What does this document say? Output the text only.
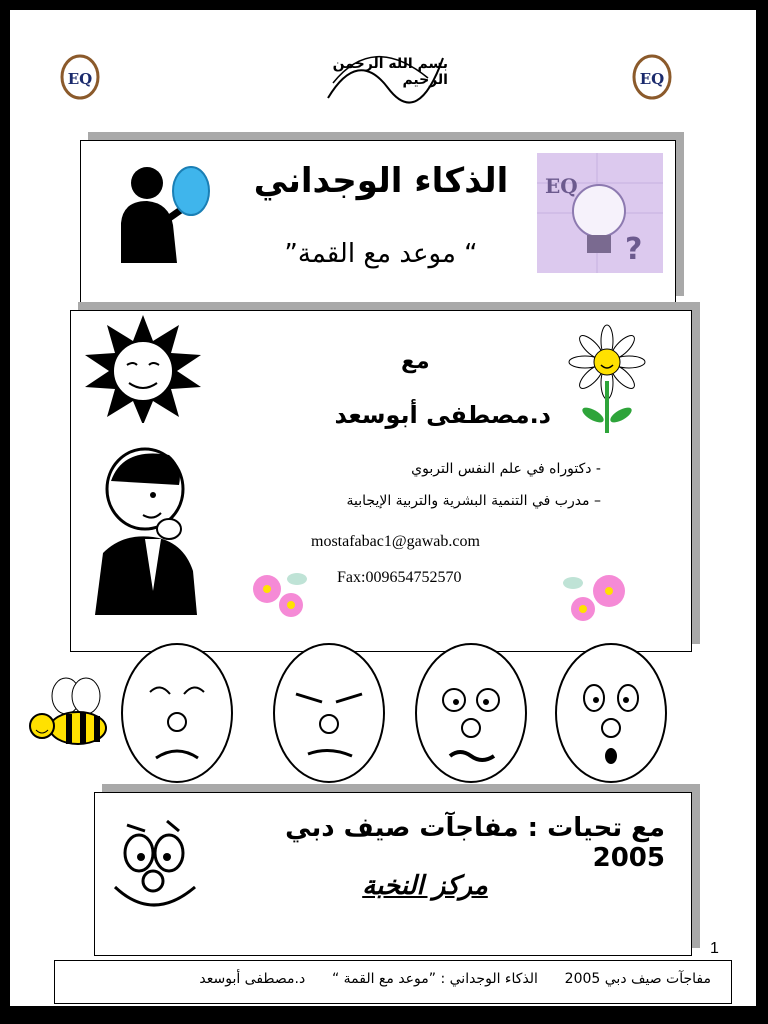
بسم الله الرحمن الرحيم
EQ	EQ
الذكاء الوجداني
“ موعد مع القمة”
EQ
?
مع
د.مصطفى أبوسعد
- دكتوراه في علم النفس التربوي
– مدرب في التنمية البشرية والتربية الإيجابية
mostafabac1@gawab.com
Fax:009654752570
مع تحيات : مفاجآت صيف دبي 2005
مركز النخبة
1
مفاجآت صيف دبي 2005      الذكاء الوجداني : ”موعد مع القمة “      د.مصطفى أبوسعد
